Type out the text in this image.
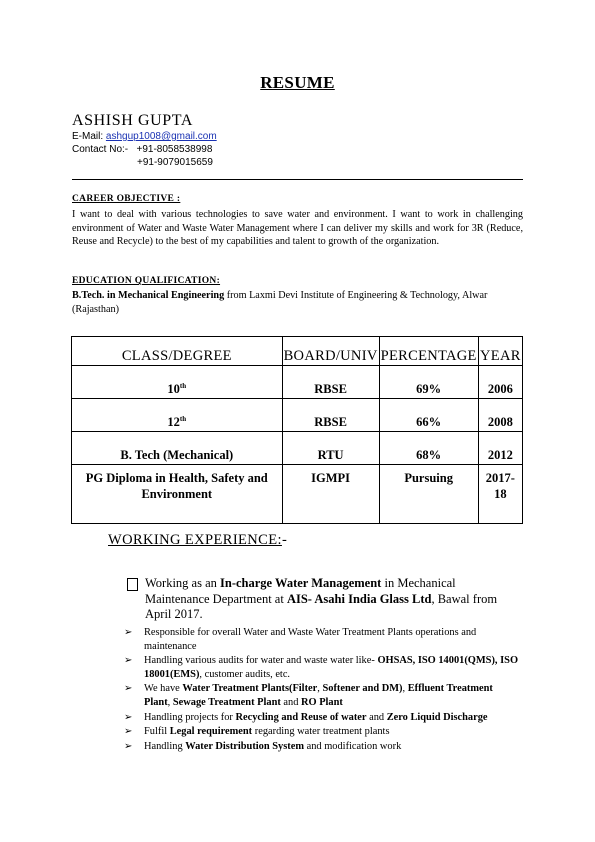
RESUME
ASHISH GUPTA
E-Mail: ashgup1008@gmail.com
Contact No:- +91-8058538998
+91-9079015659
CAREER OBJECTIVE :
I want to deal with various technologies to save water and environment. I want to work in challenging environment of Water and Waste Water Management where I can deliver my skills and work for 3R (Reduce, Reuse and Recycle) to the best of my capabilities and talent to growth of the organization.
EDUCATION QUALIFICATION:
B.Tech. in Mechanical Engineering from Laxmi Devi Institute of Engineering & Technology, Alwar (Rajasthan)
CLASS/DEGREE	BOARD/UNIV	PERCENTAGE	YEAR
10th	RBSE	69%	2006
12th	RBSE	66%	2008
B. Tech (Mechanical)	RTU	68%	2012
PG Diploma in Health, Safety and Environment	IGMPI	Pursuing	2017-18
WORKING EXPERIENCE:-
Working as an In-charge Water Management in Mechanical Maintenance Department at AIS- Asahi India Glass Ltd, Bawal from April 2017.
➢ Responsible for overall Water and Waste Water Treatment Plants operations and maintenance
➢ Handling various audits for water and waste water like- OHSAS, ISO 14001(QMS), ISO 18001(EMS), customer audits, etc.
➢ We have Water Treatment Plants(Filter, Softener and DM), Effluent Treatment Plant, Sewage Treatment Plant and RO Plant
➢ Handling projects for Recycling and Reuse of water and Zero Liquid Discharge
➢ Fulfil Legal requirement regarding water treatment plants
➢ Handling Water Distribution System and modification work
